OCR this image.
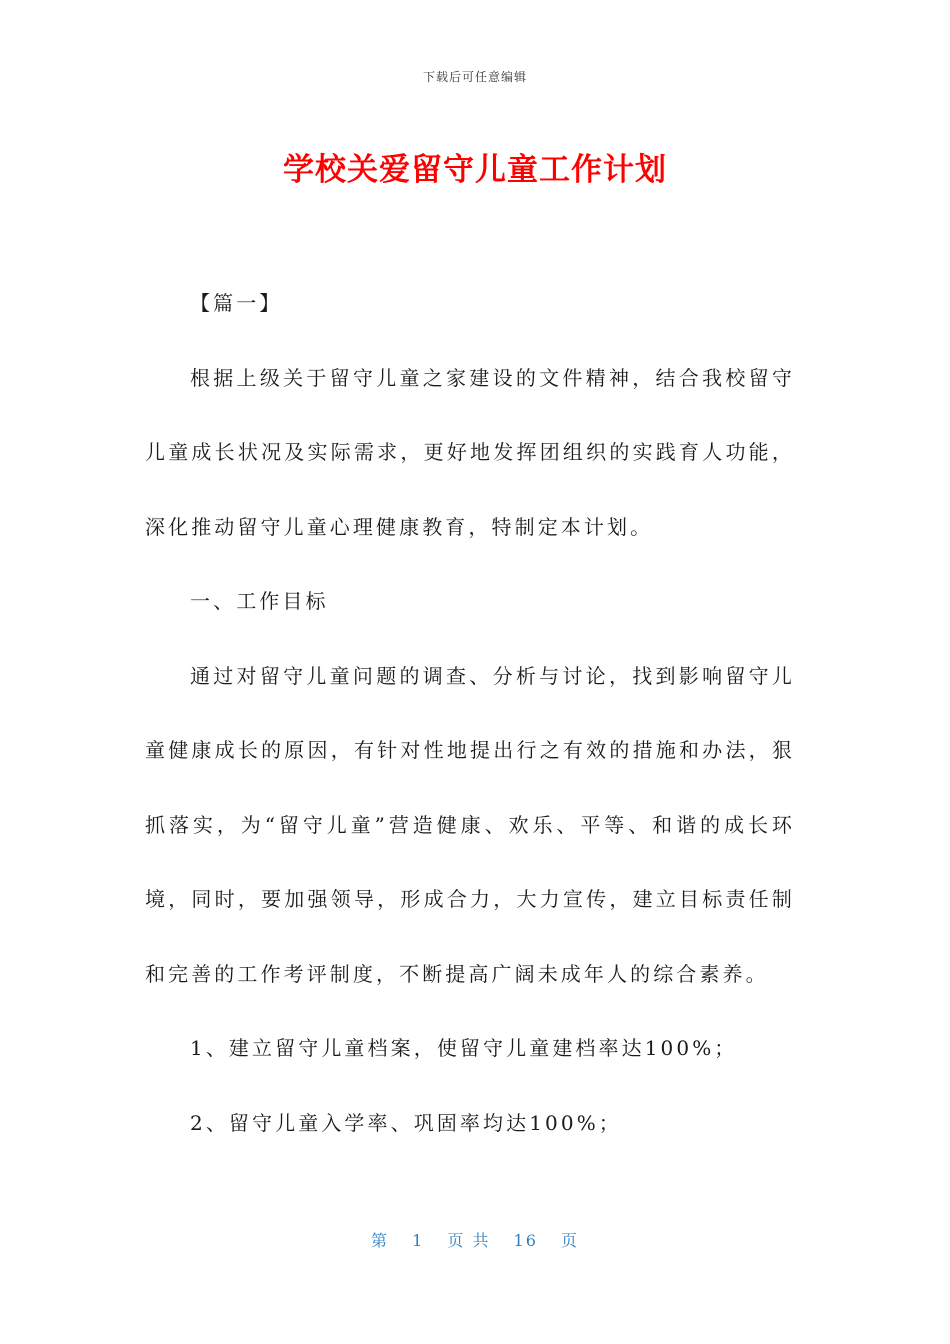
下载后可任意编辑
学校关爱留守儿童工作计划

【篇一】

根据上级关于留守儿童之家建设的文件精神，结合我校留守儿童成长状况及实际需求，更好地发挥团组织的实践育人功能，深化推动留守儿童心理健康教育，特制定本计划。

一、工作目标

通过对留守儿童问题的调查、分析与讨论，找到影响留守儿童健康成长的原因，有针对性地提出行之有效的措施和办法，狠抓落实，为“留守儿童”营造健康、欢乐、平等、和谐的成长环境，同时，要加强领导，形成合力，大力宣传，建立目标责任制和完善的工作考评制度，不断提高广阔未成年人的综合素养。

1、建立留守儿童档案，使留守儿童建档率达100%；

2、留守儿童入学率、巩固率均达100%；

第 1 页 共 16 页
